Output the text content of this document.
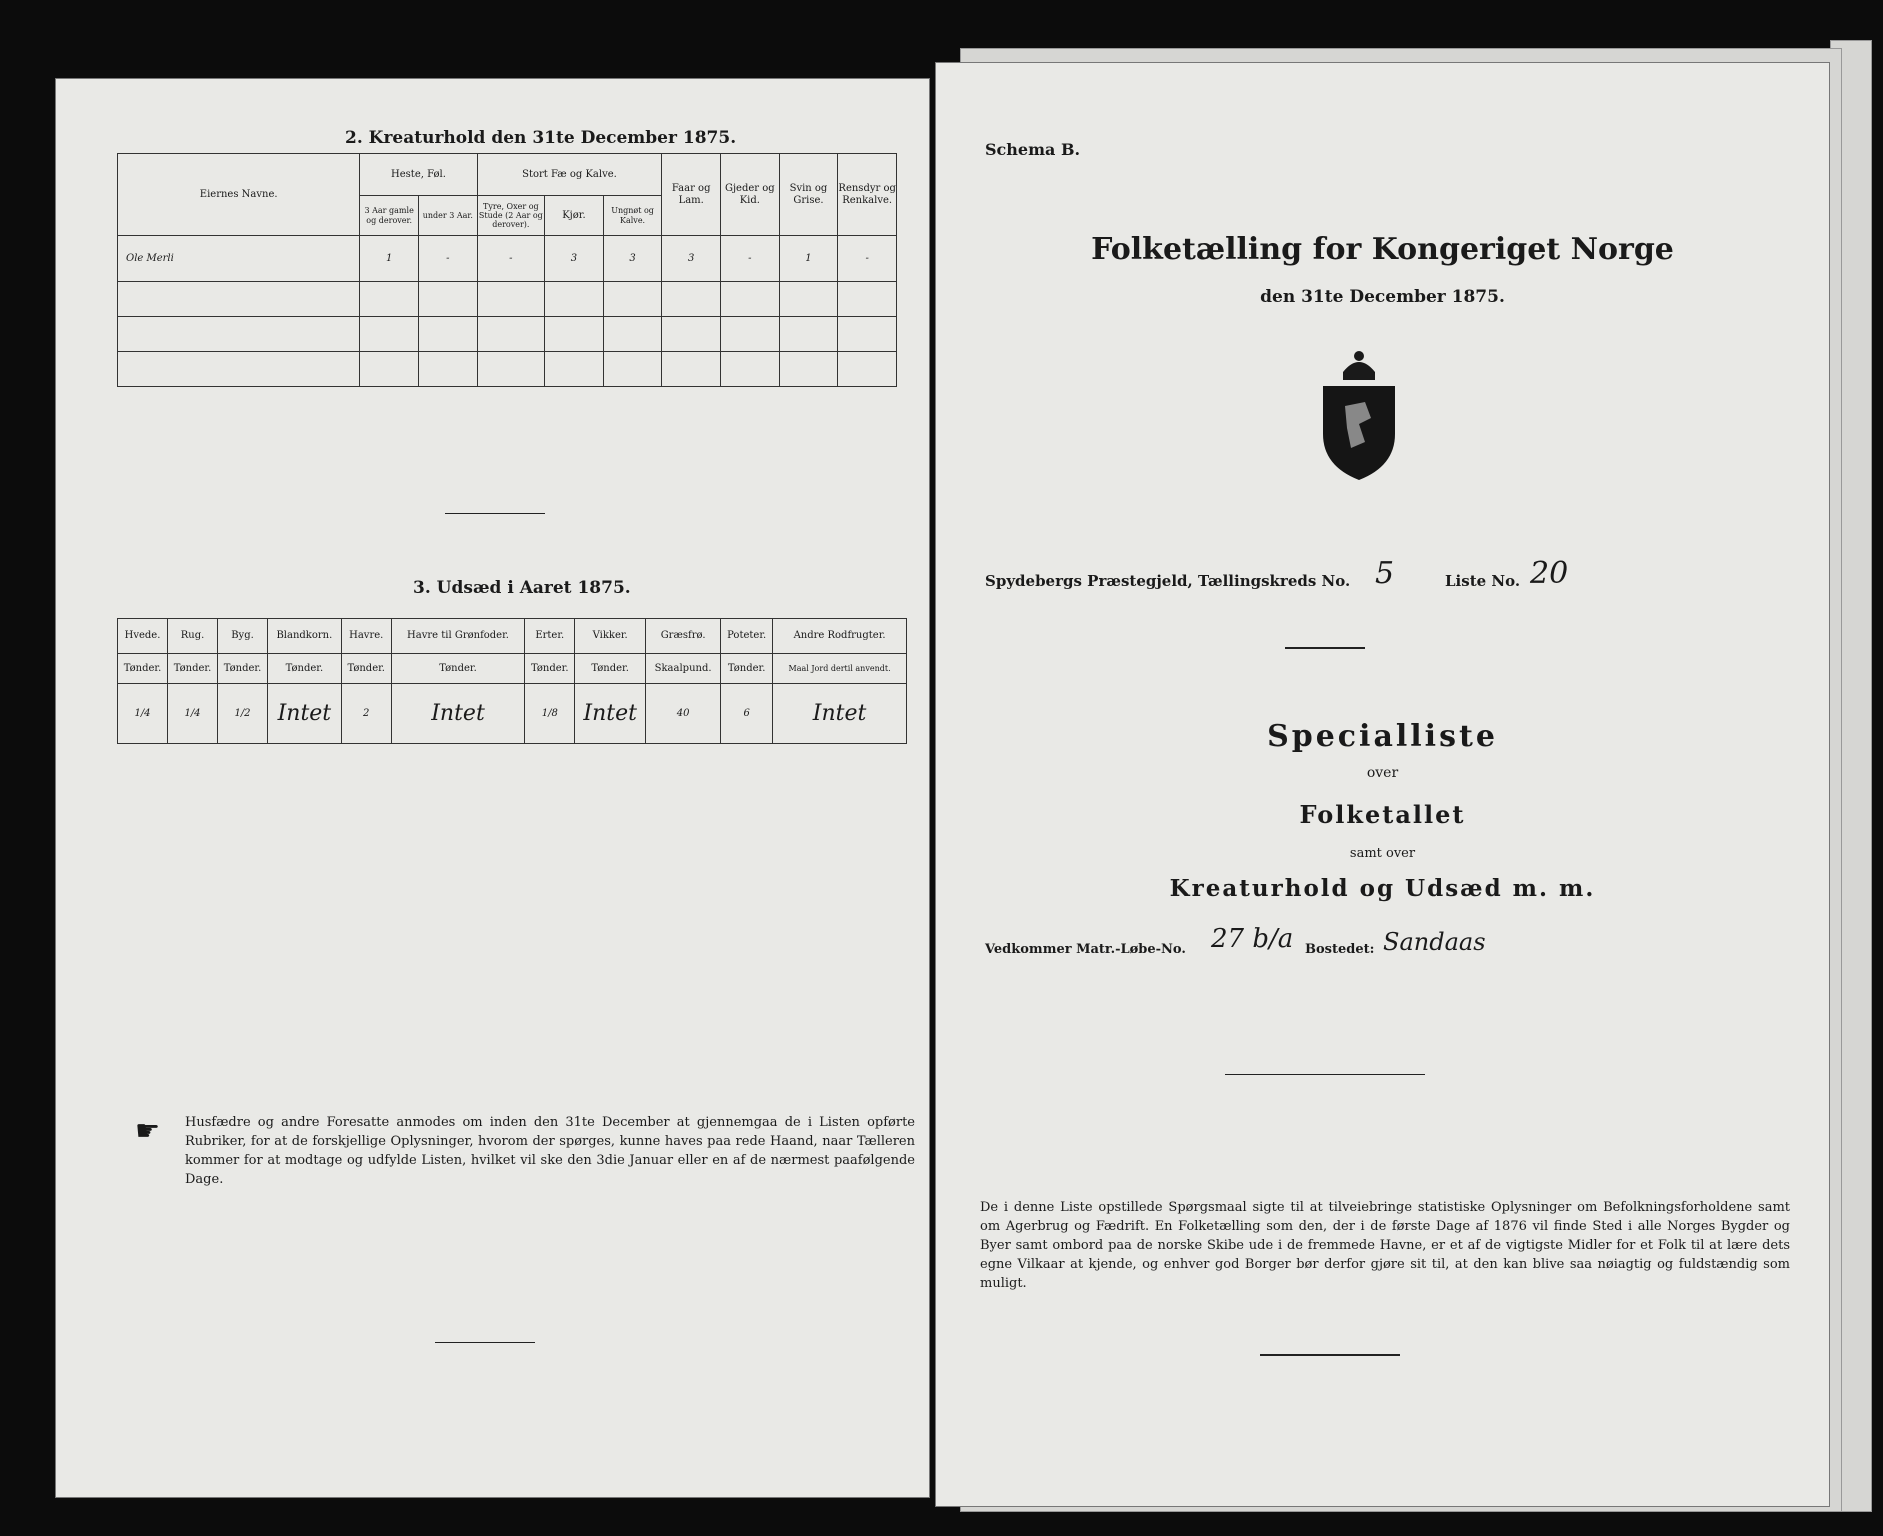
2. Kreaturhold den 31te December 1875.
Eiernes Navne.	Heste, Føl.		Stort Fæ og Kalve.			Faar og Lam.	Gjeder og Kid.	Svin og Grise.	Rensdyr og Renkalve.
	3 Aar gamle og derover.	under 3 Aar.	Tyre, Oxer og Stude (2 Aar og derover).	Kjør.	Ungnøt og Kalve.				
Ole Merli	1	-	-	3	3	3	-	1	-

3. Udsæd i Aaret 1875.
Hvede.	Rug.	Byg.	Blandkorn.	Havre.	Havre til Grønfoder.	Erter.	Vikker.	Græsfrø.	Poteter.	Andre Rodfrugter.
Tønder.	Tønder.	Tønder.	Tønder.	Tønder.	Tønder.	Tønder.	Tønder.	Skaalpund.	Tønder.	Maal Jord dertil anvendt.
1/4	1/4	1/2	Intet	2	Intet	1/8	Intet	40	6	Intet
☛ Husfædre og andre Foresatte anmodes om inden den 31te December at gjennemgaa de i Listen opførte Rubriker, for at de forskjellige Oplysninger, hvorom der spørges, kunne haves paa rede Haand, naar Tælleren kommer for at modtage og udfylde Listen, hvilket vil ske den 3die Januar eller en af de nærmest paafølgende Dage.
Schema B.
Folketælling for Kongeriget Norge
den 31te December 1875.
Spydebergs Præstegjeld, Tællingskreds No. 5	Liste No. 20
Specialliste
over
Folketallet
samt over
Kreaturhold og Udsæd m. m.
Vedkommer Matr.-Løbe-No. 27 b/a Bostedet: Sandaas
De i denne Liste opstillede Spørgsmaal sigte til at tilveiebringe statistiske Oplysninger om Befolkningsforholdene samt om Agerbrug og Fædrift. En Folketælling som den, der i de første Dage af 1876 vil finde Sted i alle Norges Bygder og Byer samt ombord paa de norske Skibe ude i de fremmede Havne, er et af de vigtigste Midler for et Folk til at lære dets egne Vilkaar at kjende, og enhver god Borger bør derfor gjøre sit til, at den kan blive saa nøiagtig og fuldstændig som muligt.
